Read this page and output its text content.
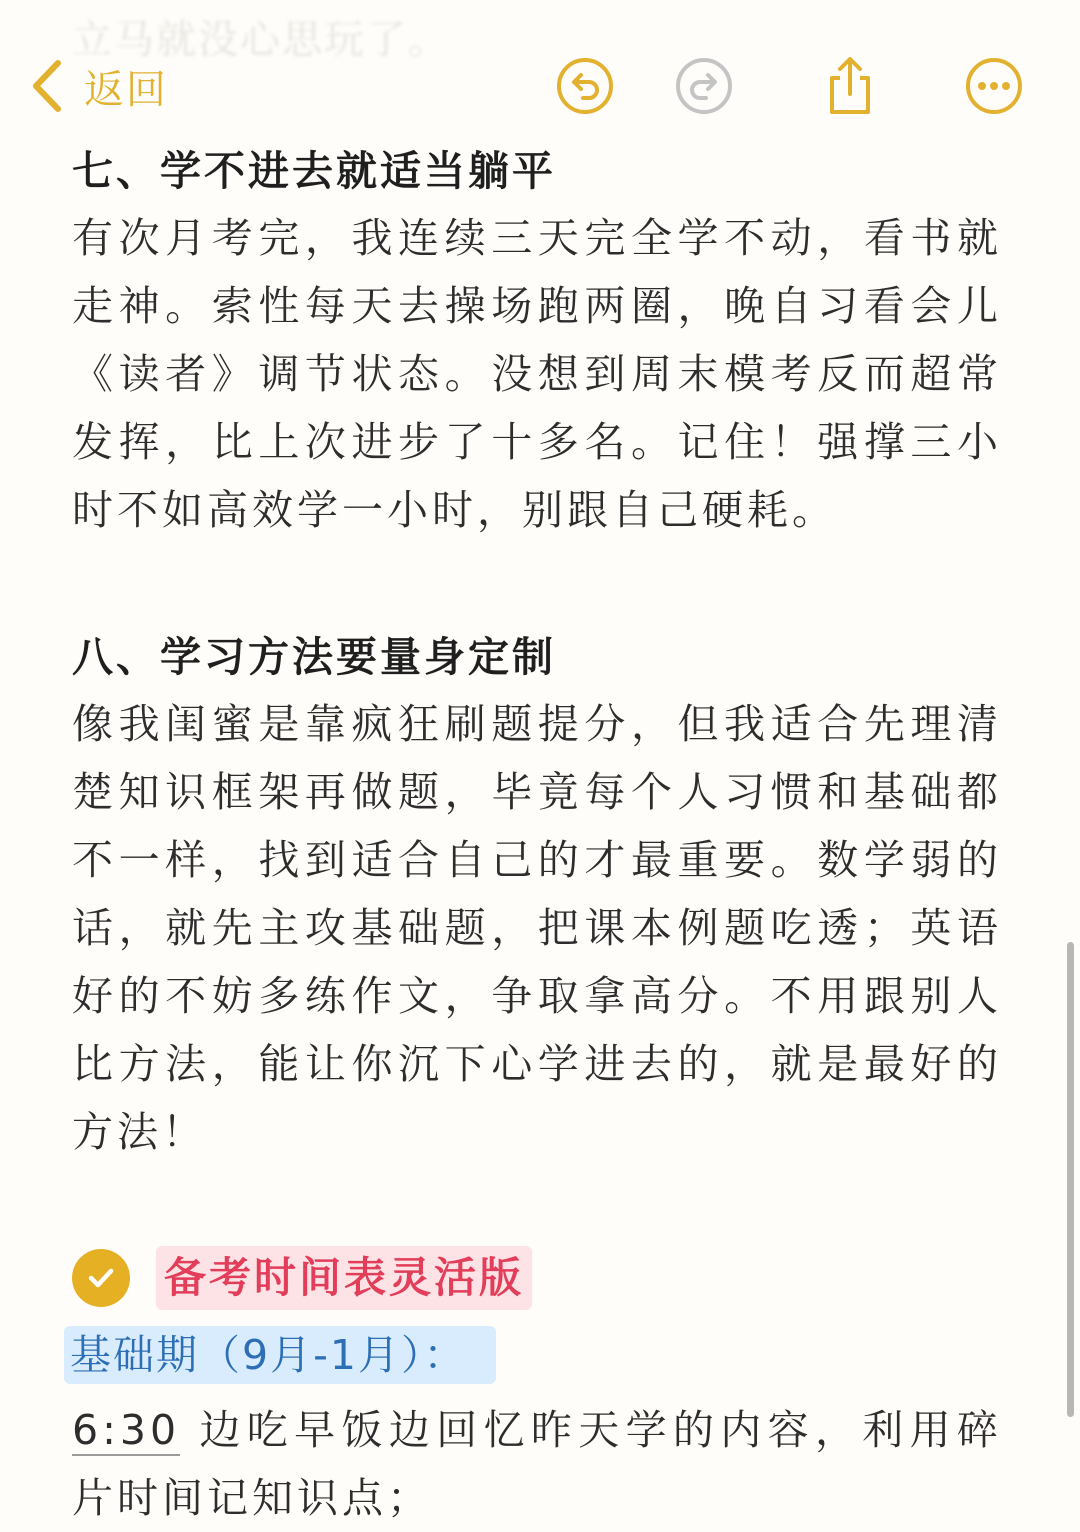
立马就没心思玩了。
返回
七、学不进去就适当躺平
有次月考完，我连续三天完全学不动，看书就走神。索性每天去操场跑两圈，晚自习看会儿《读者》调节状态。没想到周末模考反而超常发挥，比上次进步了十多名。记住！强撑三小时不如高效学一小时，别跟自己硬耗。
八、学习方法要量身定制
像我闺蜜是靠疯狂刷题提分，但我适合先理清楚知识框架再做题，毕竟每个人习惯和基础都不一样，找到适合自己的才最重要。数学弱的话，就先主攻基础题，把课本例题吃透；英语好的不妨多练作文，争取拿高分。不用跟别人比方法，能让你沉下心学进去的，就是最好的方法！
备考时间表灵活版
基础期（9月-1月）：
6:30 边吃早饭边回忆昨天学的内容，利用碎片时间记知识点；
